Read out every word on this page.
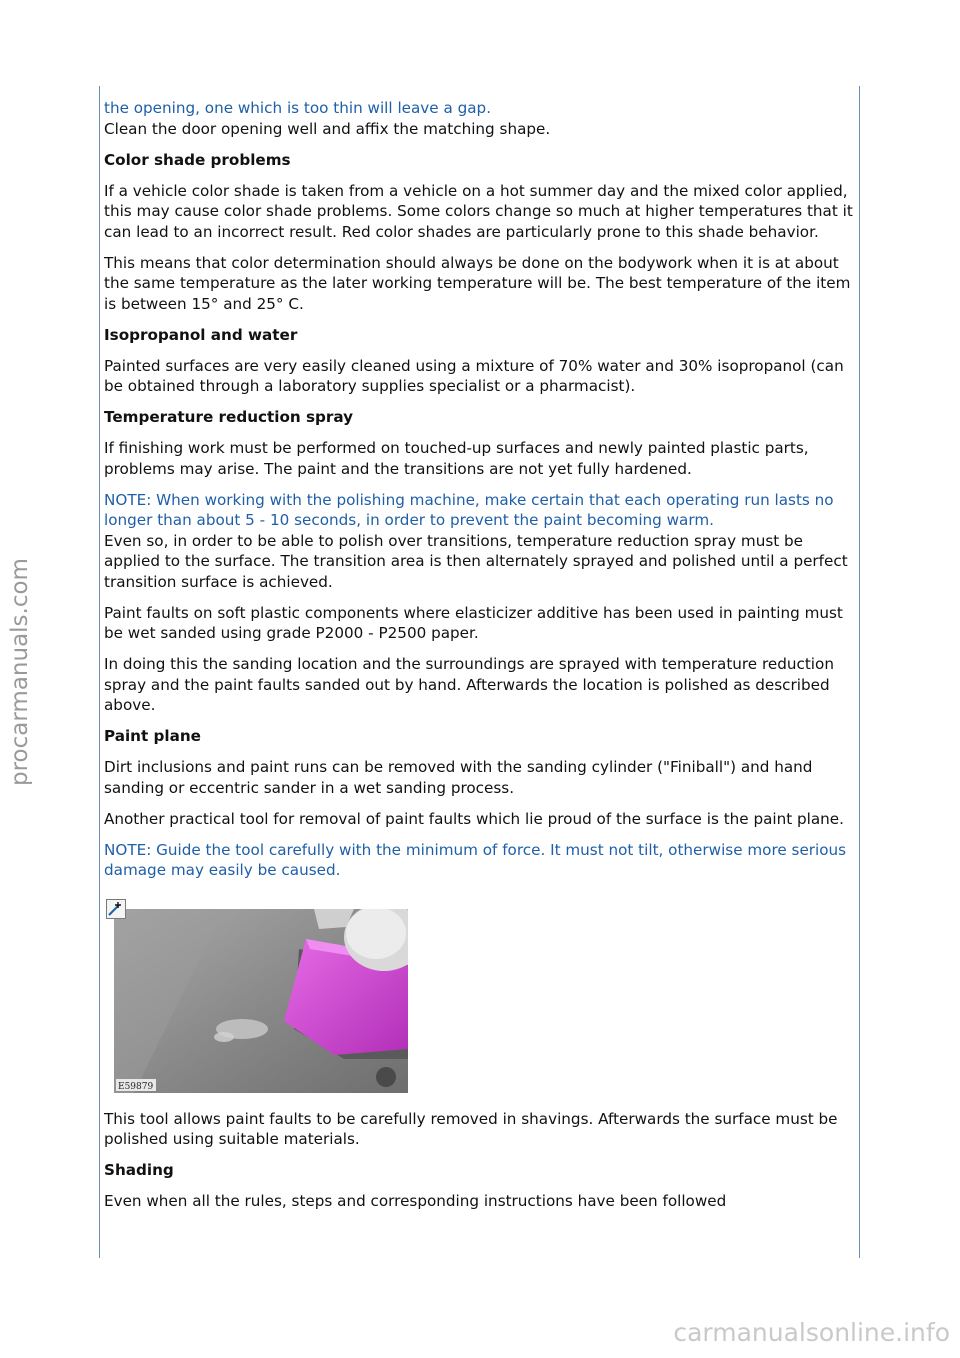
the opening, one which is too thin will leave a gap.

Clean the door opening well and affix the matching shape.

Color shade problems

If a vehicle color shade is taken from a vehicle on a hot summer day and the mixed color applied, this may cause color shade problems. Some colors change so much at higher temperatures that it can lead to an incorrect result. Red color shades are particularly prone to this shade behavior.

This means that color determination should always be done on the bodywork when it is at about the same temperature as the later working temperature will be. The best temperature of the item is between 15° and 25° C.

Isopropanol and water

Painted surfaces are very easily cleaned using a mixture of 70% water and 30% isopropanol (can be obtained through a laboratory supplies specialist or a pharmacist).

Temperature reduction spray

If finishing work must be performed on touched-up surfaces and newly painted plastic parts, problems may arise. The paint and the transitions are not yet fully hardened.

NOTE: When working with the polishing machine, make certain that each operating run lasts no longer than about 5 - 10 seconds, in order to prevent the paint becoming warm.

Even so, in order to be able to polish over transitions, temperature reduction spray must be applied to the surface. The transition area is then alternately sprayed and polished until a perfect transition surface is achieved.

Paint faults on soft plastic components where elasticizer additive has been used in painting must be wet sanded using grade P2000 - P2500 paper.

In doing this the sanding location and the surroundings are sprayed with temperature reduction spray and the paint faults sanded out by hand. Afterwards the location is polished as described above.

Paint plane

Dirt inclusions and paint runs can be removed with the sanding cylinder ("Finiball") and hand sanding or eccentric sander in a wet sanding process.

Another practical tool for removal of paint faults which lie proud of the surface is the paint plane.

NOTE: Guide the tool carefully with the minimum of force. It must not tilt, otherwise more serious damage may easily be caused.

E59879

This tool allows paint faults to be carefully removed in shavings. Afterwards the surface must be polished using suitable materials.

Shading

Even when all the rules, steps and corresponding instructions have been followed

procarmanuals.com
carmanualsonline.info
